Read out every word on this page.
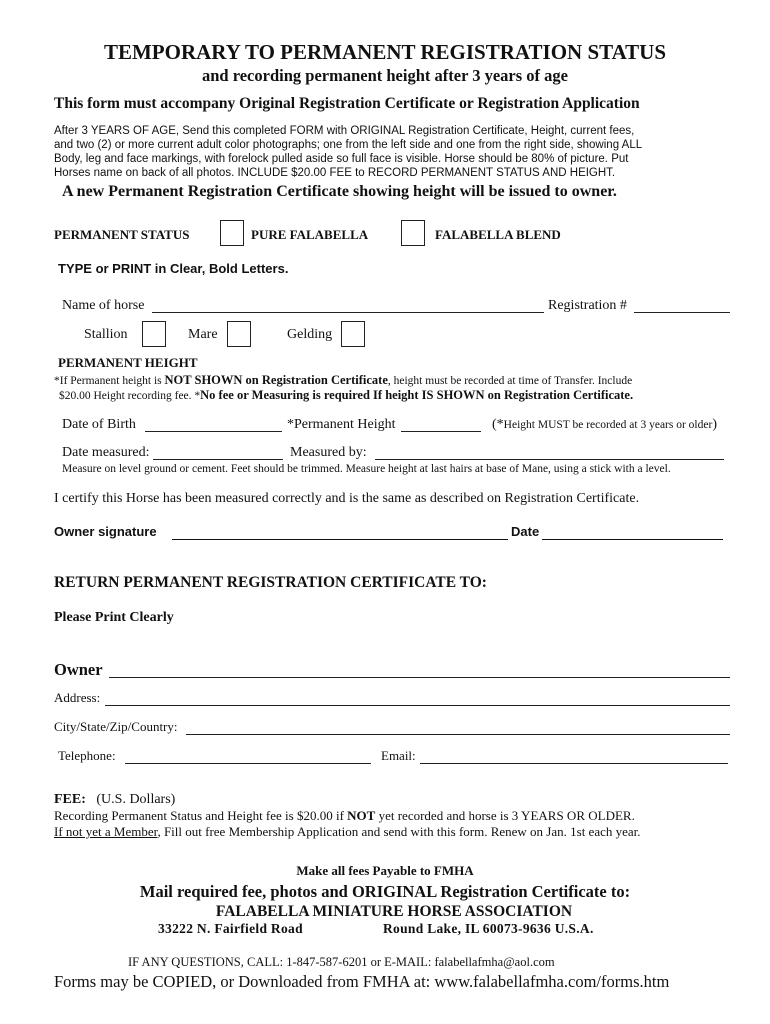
TEMPORARY TO PERMANENT REGISTRATION STATUS
and recording permanent height after 3 years of age
This form must accompany Original Registration Certificate or Registration Application
After 3 YEARS OF AGE, Send this completed FORM with ORIGINAL Registration Certificate, Height, current fees,
and two (2) or more current adult color photographs; one from the left side and one from the right side, showing ALL
Body, leg and face markings, with forelock pulled aside so full face is visible. Horse should be 80% of picture. Put
Horses name on back of all photos. INCLUDE $20.00 FEE to RECORD PERMANENT STATUS AND HEIGHT.
A new Permanent Registration Certificate showing height will be issued to owner.
PERMANENT STATUS	PURE FALABELLA	FALABELLA BLEND
TYPE or PRINT in Clear, Bold Letters.
Name of horse	Registration #
Stallion	Mare	Gelding
PERMANENT HEIGHT
*If Permanent height is NOT SHOWN on Registration Certificate, height must be recorded at time of Transfer. Include
$20.00 Height recording fee. *No fee or Measuring is required If height IS SHOWN on Registration Certificate.
Date of Birth	*Permanent Height	(*Height MUST be recorded at 3 years or older)
Date measured:	Measured by:
Measure on level ground or cement. Feet should be trimmed. Measure height at last hairs at base of Mane, using a stick with a level.
I certify this Horse has been measured correctly and is the same as described on Registration Certificate.
Owner signature	Date
RETURN PERMANENT REGISTRATION CERTIFICATE TO:
Please Print Clearly
Owner
Address:
City/State/Zip/Country:
Telephone:	Email:
FEE: (U.S. Dollars)
Recording Permanent Status and Height fee is $20.00 if NOT yet recorded and horse is 3 YEARS OR OLDER.
If not yet a Member, Fill out free Membership Application and send with this form. Renew on Jan. 1st each year.
Make all fees Payable to FMHA
Mail required fee, photos and ORIGINAL Registration Certificate to:
FALABELLA MINIATURE HORSE ASSOCIATION
33222 N. Fairfield Road	Round Lake, IL 60073-9636 U.S.A.
IF ANY QUESTIONS, CALL: 1-847-587-6201 or E-MAIL: falabellafmha@aol.com
Forms may be COPIED, or Downloaded from FMHA at: www.falabellafmha.com/forms.htm
